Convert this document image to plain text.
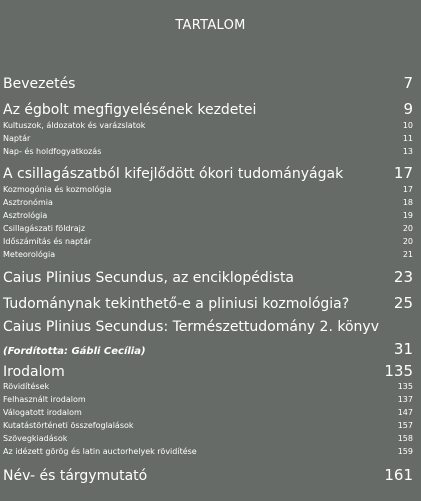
TARTALOM
Bevezetés	7
Az égbolt megfigyelésének kezdetei	9
Kultuszok, áldozatok és varázslatok	10
Naptár	11
Nap- és holdfogyatkozás	13
A csillagászatból kifejlődött ókori tudományágak	17
Kozmogónia és kozmológia	17
Asztronómia	18
Asztrológia	19
Csillagászati földrajz	20
Időszámítás és naptár	20
Meteorológia	21
Caius Plinius Secundus, az enciklopédista	23
Tudománynak tekinthető-e a pliniusi kozmológia?	25
Caius Plinius Secundus: Természettudomány 2. könyv
(Fordította: Gábli Cecília)	31
Irodalom	135
Rövidítések	135
Felhasznált irodalom	137
Válogatott irodalom	147
Kutatástörténeti összefoglalások	157
Szövegkiadások	158
Az idézett görög és latin auctorhelyek rövidítése	159
Név- és tárgymutató	161
